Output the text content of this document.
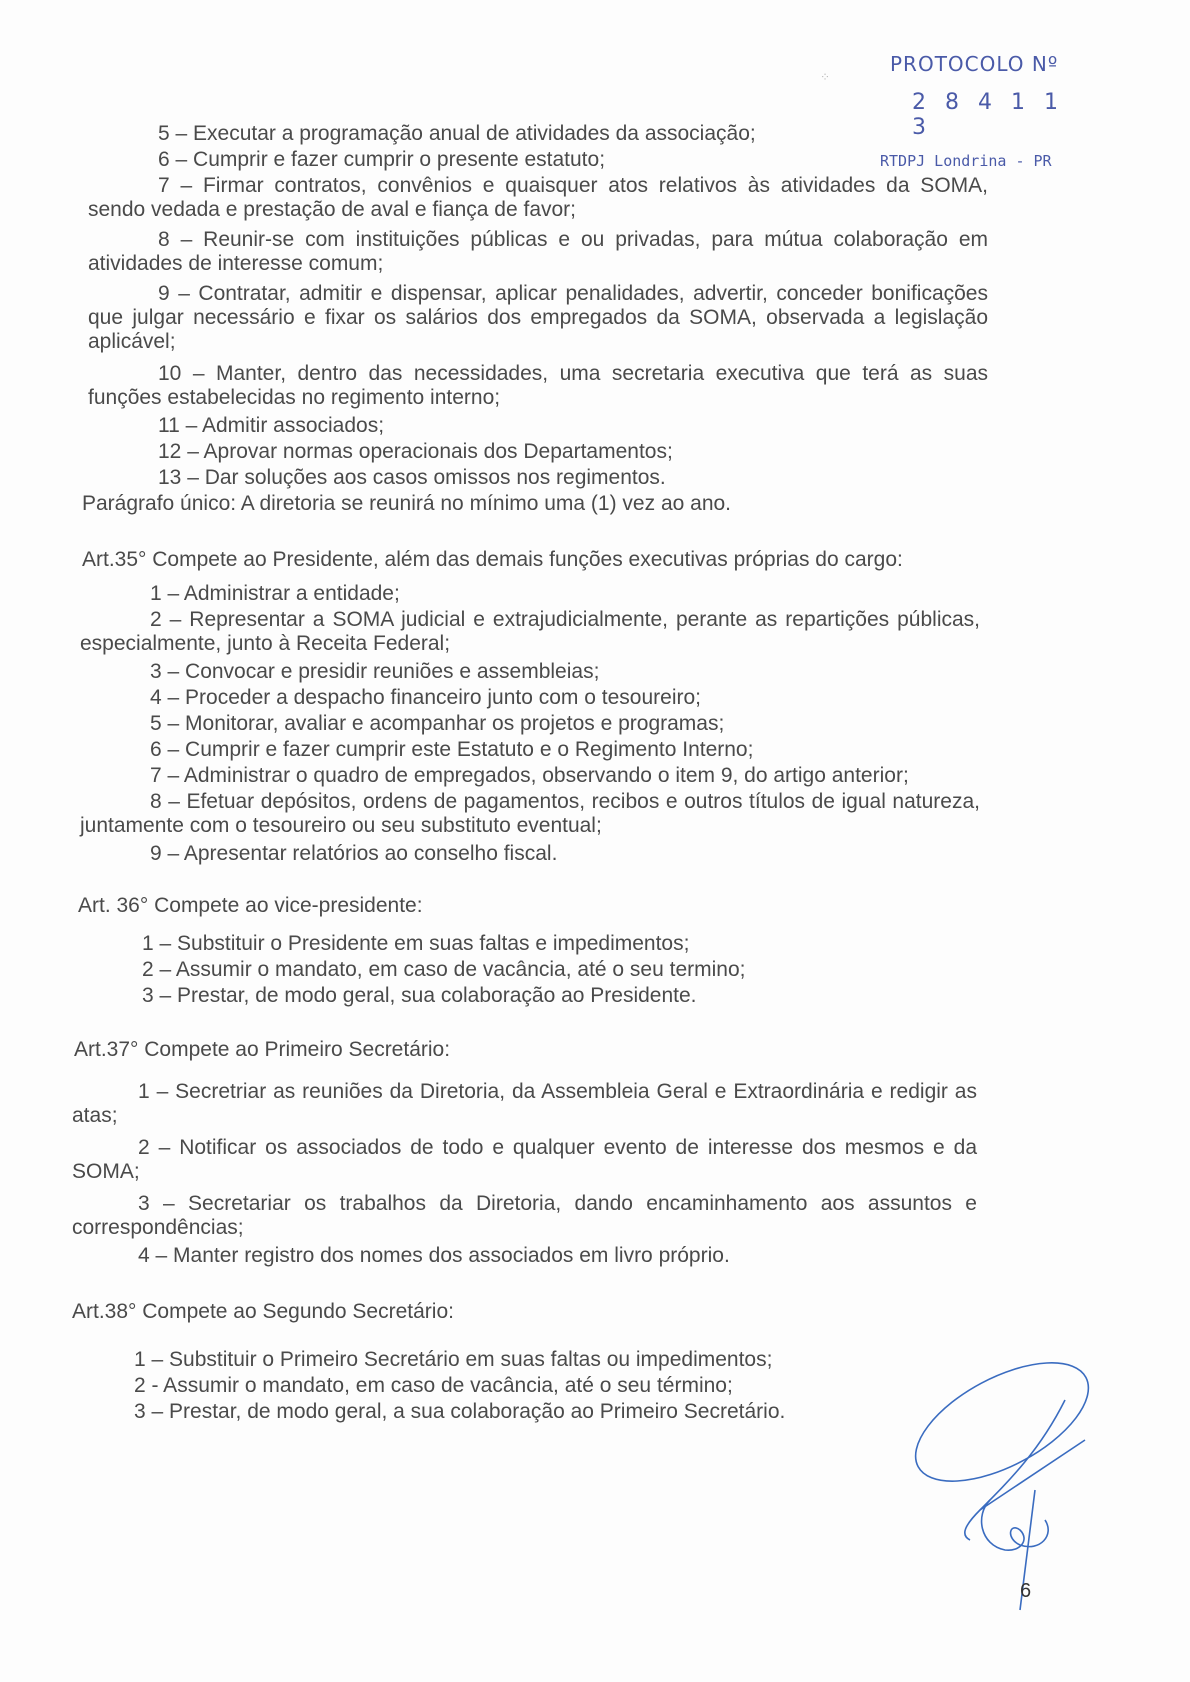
⁘
PROTOCOLO Nº
2 8 4 1 1 3
RTDPJ Londrina - PR
5 – Executar a programação anual de atividades da associação;
6 – Cumprir e fazer cumprir o presente estatuto;
7 – Firmar contratos, convênios e quaisquer atos relativos às atividades da SOMA, sendo vedada e prestação de aval e fiança de favor;
8 – Reunir-se com instituições públicas e ou privadas, para mútua colaboração em atividades de interesse comum;
9 – Contratar, admitir e dispensar, aplicar penalidades, advertir, conceder bonificações que julgar necessário e fixar os salários dos empregados da SOMA, observada a legislação aplicável;
10 – Manter, dentro das necessidades, uma secretaria executiva que terá as suas funções estabelecidas no regimento interno;
11 – Admitir associados;
12 – Aprovar normas operacionais dos Departamentos;
13 – Dar soluções aos casos omissos nos regimentos.
Parágrafo único: A diretoria se reunirá no mínimo uma (1) vez ao ano.
Art.35° Compete ao Presidente, além das demais funções executivas próprias do cargo:
1 – Administrar a entidade;
2 – Representar a SOMA judicial e extrajudicialmente, perante as repartições públicas, especialmente, junto à Receita Federal;
3 – Convocar e presidir reuniões e assembleias;
4 – Proceder a despacho financeiro junto com o tesoureiro;
5 – Monitorar, avaliar e acompanhar os projetos e programas;
6 – Cumprir e fazer cumprir este Estatuto e o Regimento Interno;
7 – Administrar o quadro de empregados, observando o item 9, do artigo anterior;
8 – Efetuar depósitos, ordens de pagamentos, recibos e outros títulos de igual natureza, juntamente com o tesoureiro ou seu substituto eventual;
9 – Apresentar relatórios ao conselho fiscal.
Art. 36° Compete ao vice-presidente:
1 – Substituir o Presidente em suas faltas e impedimentos;
2 – Assumir o mandato, em caso de vacância, até o seu termino;
3 – Prestar, de modo geral, sua colaboração ao Presidente.
Art.37° Compete ao Primeiro Secretário:
1 – Secretriar as reuniões da Diretoria, da Assembleia Geral e Extraordinária e redigir as atas;
2 – Notificar os associados de todo e qualquer evento de interesse dos mesmos e da SOMA;
3 – Secretariar os trabalhos da Diretoria, dando encaminhamento aos assuntos e correspondências;
4 – Manter registro dos nomes dos associados em livro próprio.
Art.38° Compete ao Segundo Secretário:
1 – Substituir o Primeiro Secretário em suas faltas ou impedimentos;
2 - Assumir o mandato, em caso de vacância, até o seu término;
3 – Prestar, de modo geral, a sua colaboração ao Primeiro Secretário.
6
